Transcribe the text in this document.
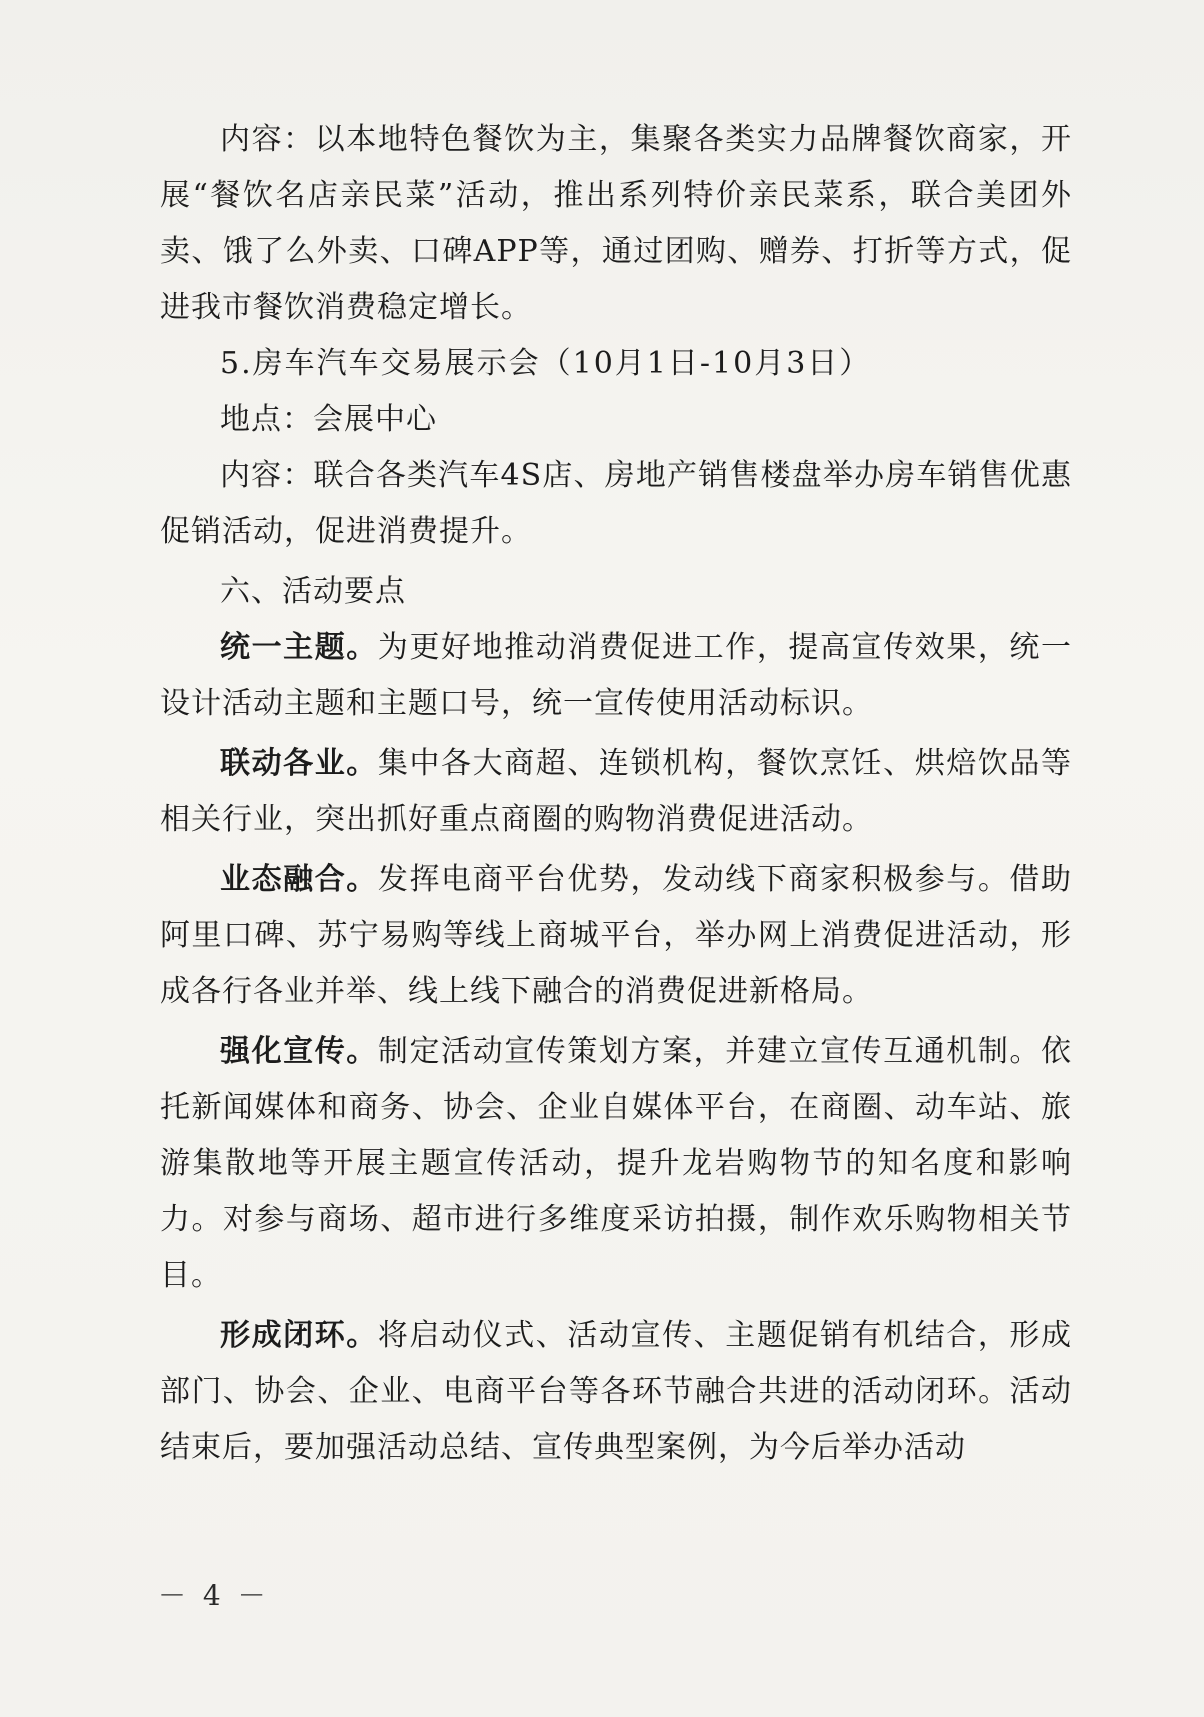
内容：以本地特色餐饮为主，集聚各类实力品牌餐饮商家，开展“餐饮名店亲民菜”活动，推出系列特价亲民菜系，联合美团外卖、饿了么外卖、口碑APP等，通过团购、赠券、打折等方式，促进我市餐饮消费稳定增长。

5.房车汽车交易展示会（10月1日-10月3日）

地点：会展中心

内容：联合各类汽车4S店、房地产销售楼盘举办房车销售优惠促销活动，促进消费提升。

六、活动要点

统一主题。为更好地推动消费促进工作，提高宣传效果，统一设计活动主题和主题口号，统一宣传使用活动标识。

联动各业。集中各大商超、连锁机构，餐饮烹饪、烘焙饮品等相关行业，突出抓好重点商圈的购物消费促进活动。

业态融合。发挥电商平台优势，发动线下商家积极参与。借助阿里口碑、苏宁易购等线上商城平台，举办网上消费促进活动，形成各行各业并举、线上线下融合的消费促进新格局。

强化宣传。制定活动宣传策划方案，并建立宣传互通机制。依托新闻媒体和商务、协会、企业自媒体平台，在商圈、动车站、旅游集散地等开展主题宣传活动，提升龙岩购物节的知名度和影响力。对参与商场、超市进行多维度采访拍摄，制作欢乐购物相关节目。

形成闭环。将启动仪式、活动宣传、主题促销有机结合，形成部门、协会、企业、电商平台等各环节融合共进的活动闭环。活动结束后，要加强活动总结、宣传典型案例，为今后举办活动

－ 4 －
